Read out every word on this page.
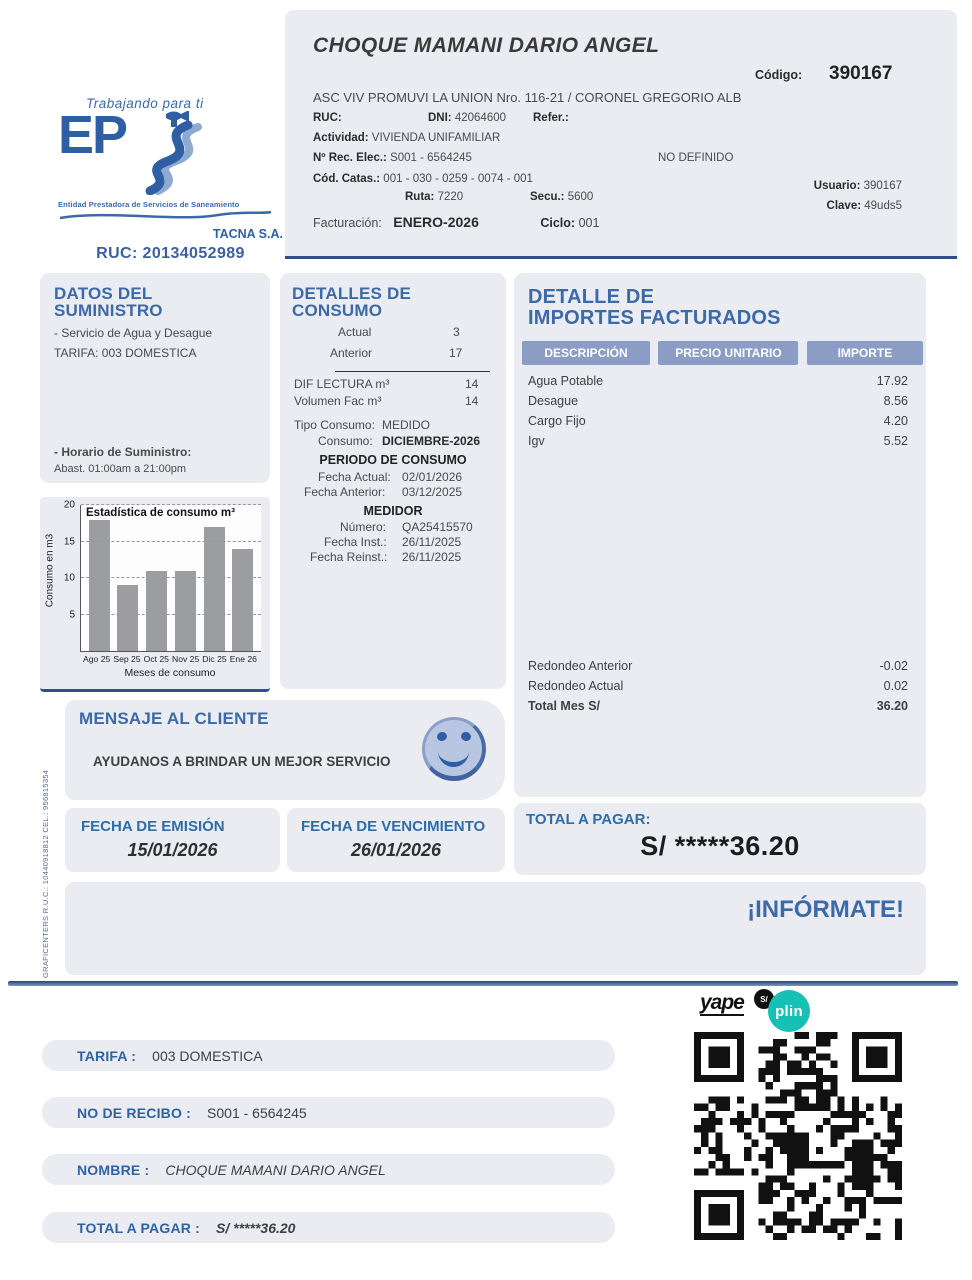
Trabajando para ti
EP
Entidad Prestadora de Servicios de Saneamiento
TACNA S.A.
RUC: 20134052989
CHOQUE MAMANI DARIO ANGEL
Código: 390167
ASC VIV PROMUVI LA UNION Nro. 116-21 / CORONEL GREGORIO ALB
RUC:	DNI: 42064600 Refer.:
Actividad: VIVIENDA UNIFAMILIAR
Nº Rec. Elec.: S001 - 6564245	NO DEFINIDO
Cód. Catas.: 001 - 030 - 0259 - 0074 - 001
Ruta: 7220	Secu.: 5600
Usuario: 390167
Clave: 49uds5
Facturación: ENERO-2026	Ciclo: 001
DATOS DEL SUMINISTRO
- Servicio de Agua y Desague
TARIFA: 003 DOMESTICA
- Horario de Suministro:
Abast. 01:00am a 21:00pm
5
10
15
20
Estadística de consumo m³
Consumo en m3
Ago 25 Sep 25 Oct 25 Nov 25 Dic 25 Ene 26
Meses de consumo
DETALLES DE CONSUMO
Actual	3
Anterior	17
DIF LECTURA m³	14
Volumen Fac m³	14
Tipo Consumo: MEDIDO
Consumo: DICIEMBRE-2026
PERIODO DE CONSUMO
Fecha Actual: 02/01/2026
Fecha Anterior: 03/12/2025
MEDIDOR
Número: QA25415570
Fecha Inst.: 26/11/2025
Fecha Reinst.: 26/11/2025
DETALLE DE
IMPORTES FACTURADOS
DESCRIPCIÓN	PRECIO UNITARIO	IMPORTE
Agua Potable	17.92
Desague	8.56
Cargo Fijo	4.20
Igv	5.52
Redondeo Anterior	-0.02
Redondeo Actual	0.02
Total Mes S/	36.20
MENSAJE AL CLIENTE
AYUDANOS A BRINDAR UN MEJOR SERVICIO
FECHA DE EMISIÓN
15/01/2026
FECHA DE VENCIMIENTO
26/01/2026
TOTAL A PAGAR:
S/ *****36.20
¡INFÓRMATE!
GRAFICENTERS R.U.C.: 10440918812 CEL.: 956815354
TARIFA : 003 DOMESTICA
NO DE RECIBO : S001 - 6564245
NOMBRE : CHOQUE MAMANI DARIO ANGEL
TOTAL A PAGAR : S/ *****36.20
yape	S/
plin
